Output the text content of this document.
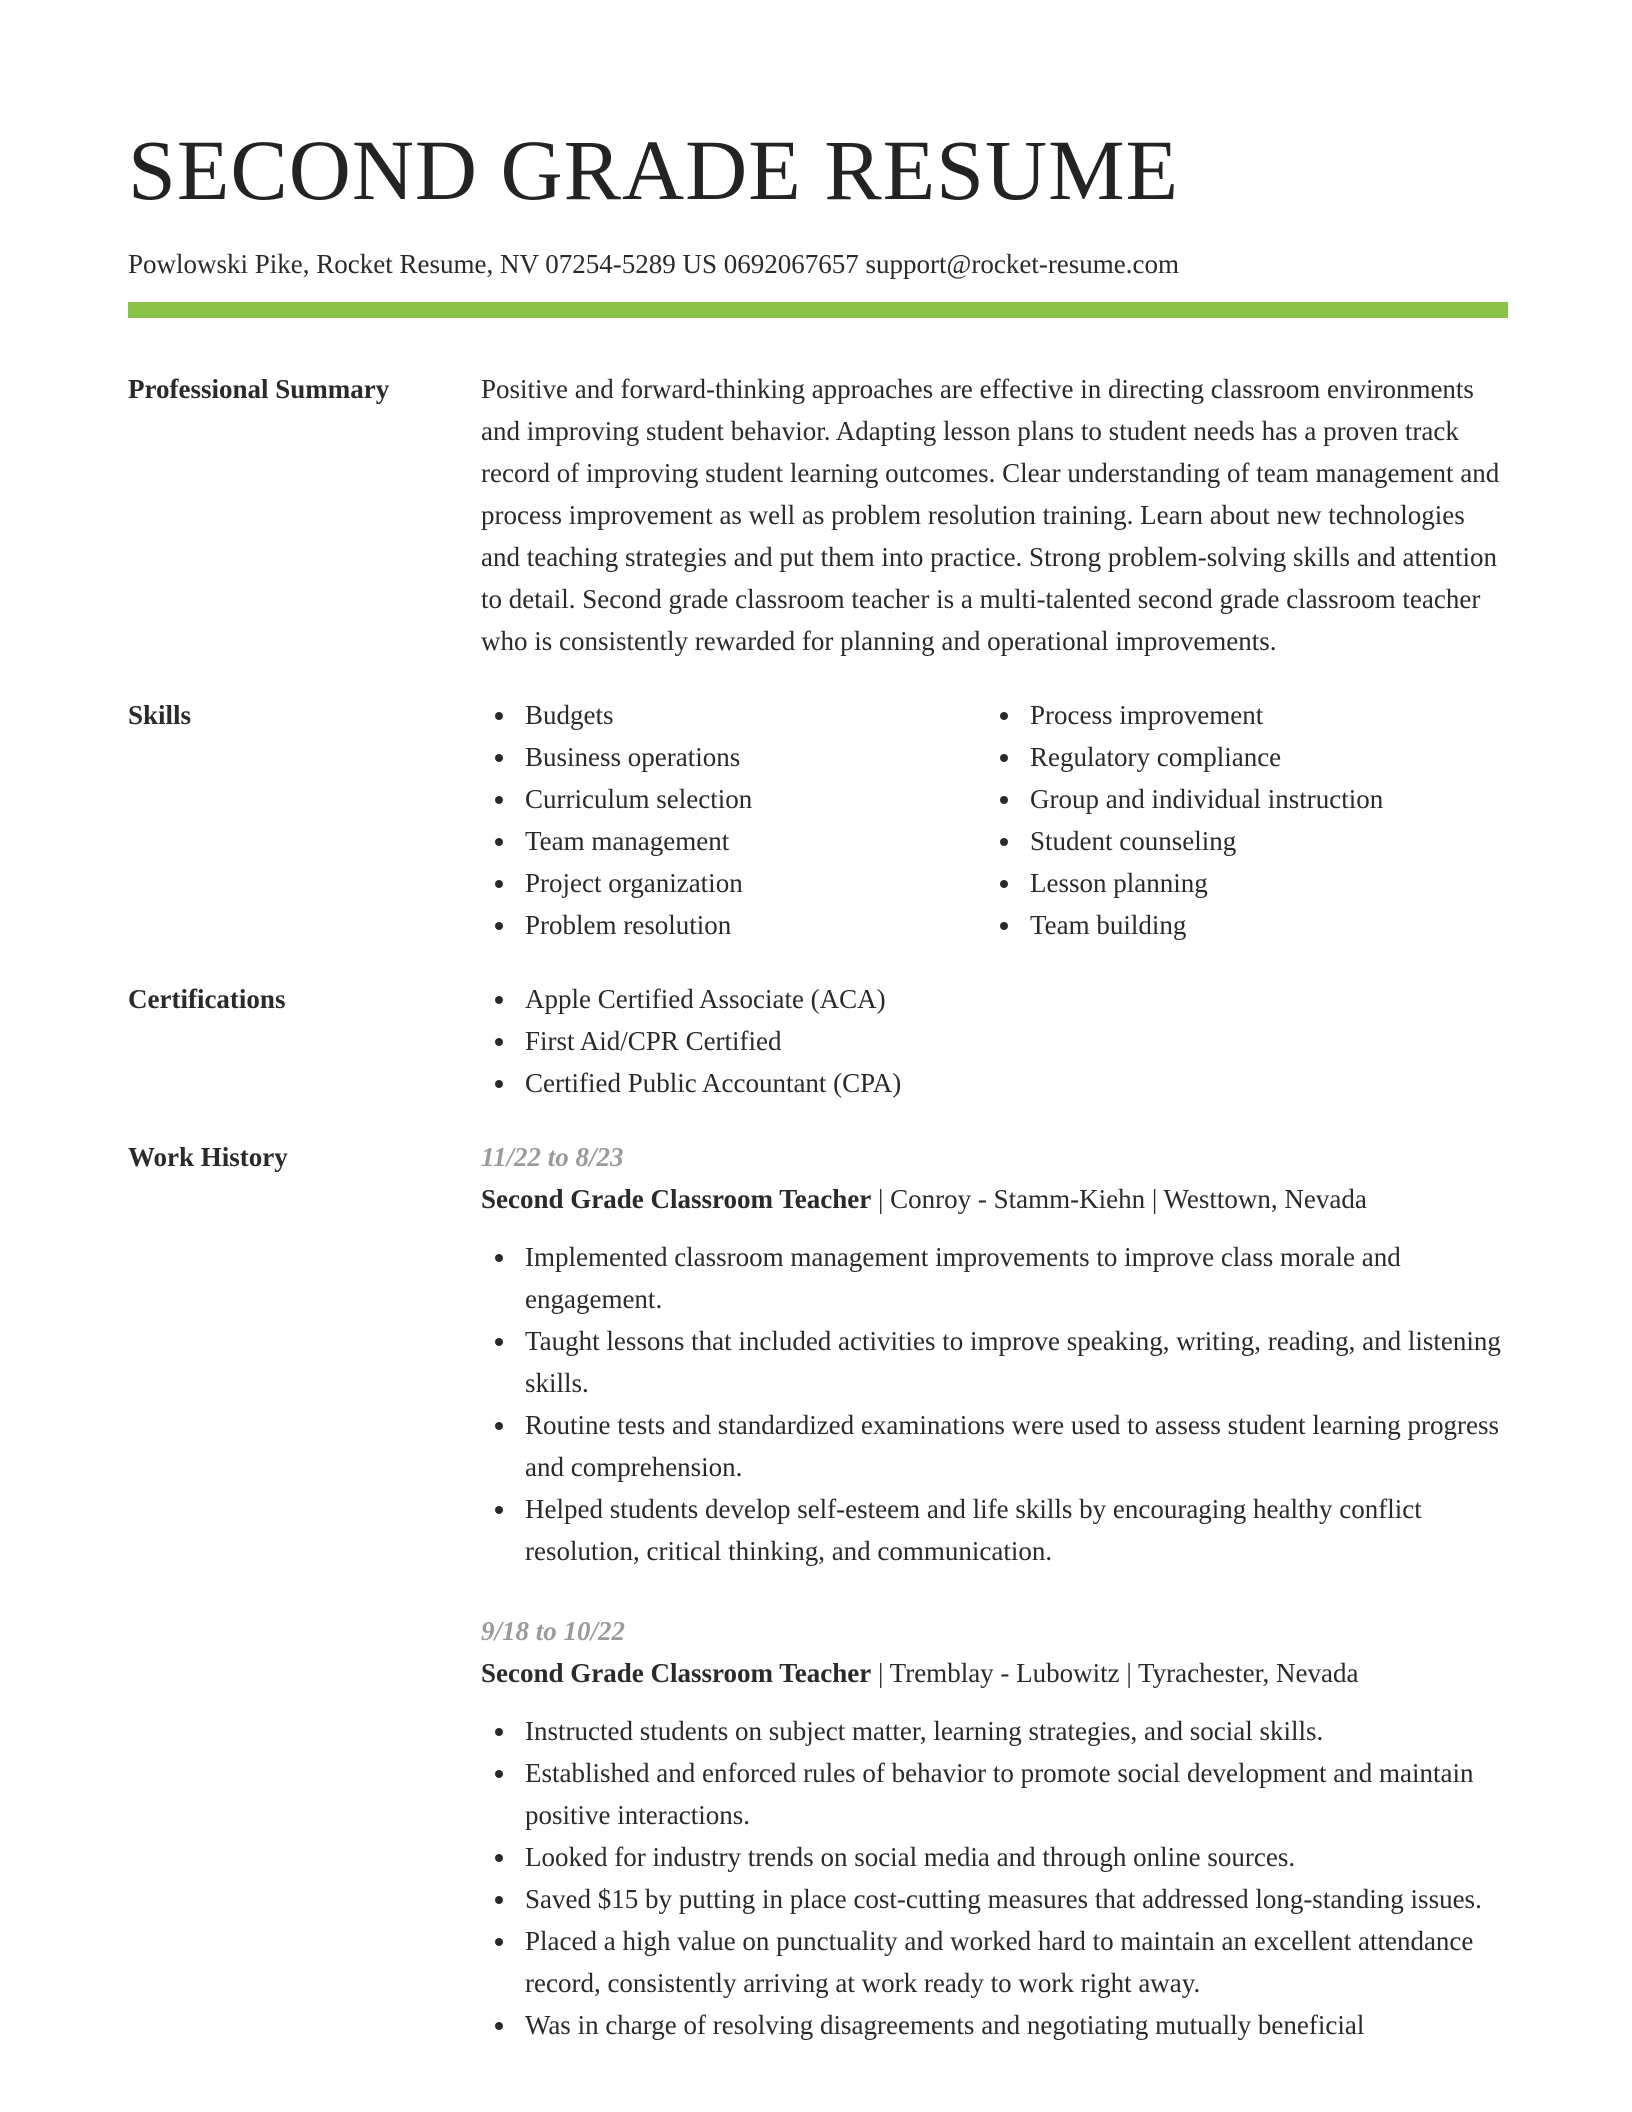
SECOND GRADE RESUME
Powlowski Pike, Rocket Resume, NV 07254-5289 US 0692067657 support@rocket-resume.com
Professional Summary	Positive and forward-thinking approaches are effective in directing classroom environments and improving student behavior. Adapting lesson plans to student needs has a proven track record of improving student learning outcomes. Clear understanding of team management and process improvement as well as problem resolution training. Learn about new technologies and teaching strategies and put them into practice. Strong problem-solving skills and attention to detail. Second grade classroom teacher is a multi-talented second grade classroom teacher who is consistently rewarded for planning and operational improvements.
Skills	Budgets
Business operations
Curriculum selection
Team management
Project organization
Problem resolution
Process improvement
Regulatory compliance
Group and individual instruction
Student counseling
Lesson planning
Team building
Certifications	Apple Certified Associate (ACA)
First Aid/CPR Certified
Certified Public Accountant (CPA)
Work History	11/22 to 8/23
Second Grade Classroom Teacher | Conroy - Stamm-Kiehn | Westtown, Nevada
Implemented classroom management improvements to improve class morale and engagement.
Taught lessons that included activities to improve speaking, writing, reading, and listening skills.
Routine tests and standardized examinations were used to assess student learning progress and comprehension.
Helped students develop self-esteem and life skills by encouraging healthy conflict resolution, critical thinking, and communication.
9/18 to 10/22
Second Grade Classroom Teacher | Tremblay - Lubowitz | Tyrachester, Nevada
Instructed students on subject matter, learning strategies, and social skills.
Established and enforced rules of behavior to promote social development and maintain positive interactions.
Looked for industry trends on social media and through online sources.
Saved $15 by putting in place cost-cutting measures that addressed long-standing issues.
Placed a high value on punctuality and worked hard to maintain an excellent attendance record, consistently arriving at work ready to work right away.
Was in charge of resolving disagreements and negotiating mutually beneficial
